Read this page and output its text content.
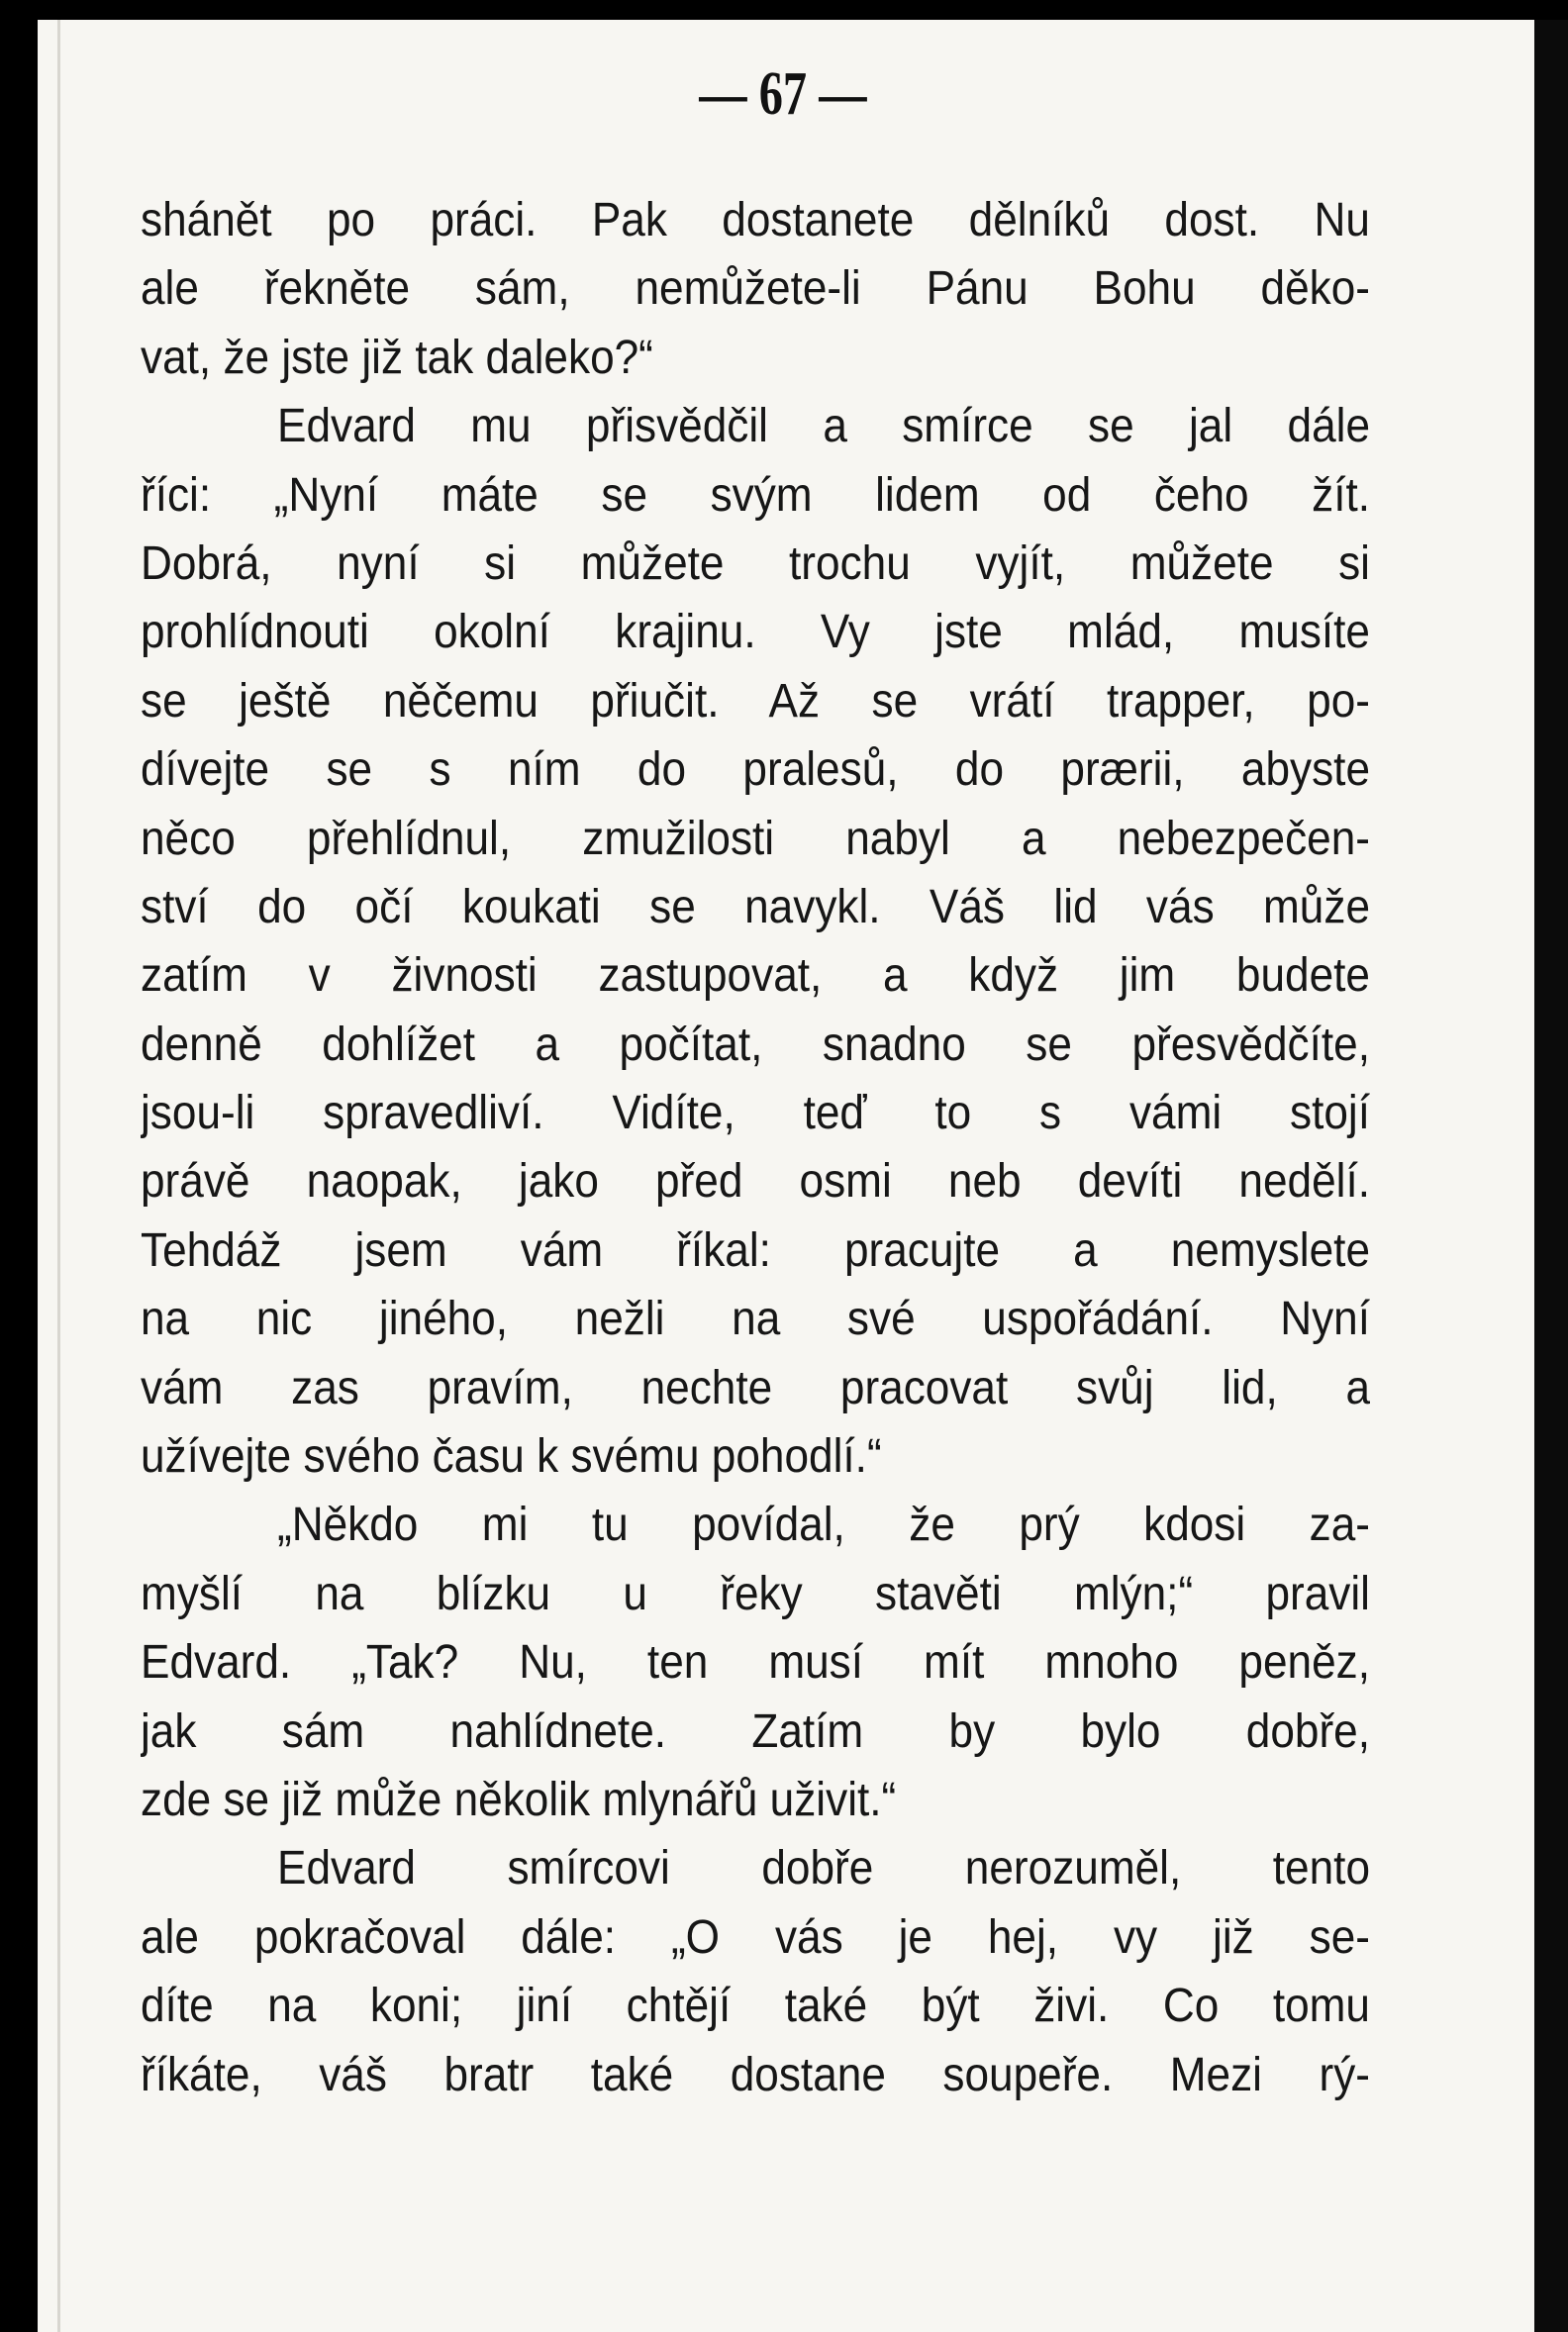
— 67 —
shánět po práci. Pak dostanete dělníků dost. Nu
ale řekněte sám, nemůžete-li Pánu Bohu děko-
vat, že jste již tak daleko?“
Edvard mu přisvědčil a smírce se jal dále
říci: „Nyní máte se svým lidem od čeho žít.
Dobrá, nyní si můžete trochu vyjít, můžete si
prohlídnouti okolní krajinu. Vy jste mlád, musíte
se ještě něčemu přiučit. Až se vrátí trapper, po-
dívejte se s ním do pralesů, do prærii, abyste
něco přehlídnul, zmužilosti nabyl a nebezpečen-
ství do očí koukati se navykl. Váš lid vás může
zatím v živnosti zastupovat, a když jim budete
denně dohlížet a počítat, snadno se přesvědčíte,
jsou-li spravedliví. Vidíte, teď to s vámi stojí
právě naopak, jako před osmi neb devíti nedělí.
Tehdáž jsem vám říkal: pracujte a nemyslete
na nic jiného, nežli na své uspořádání. Nyní
vám zas pravím, nechte pracovat svůj lid, a
užívejte svého času k svému pohodlí.“
„Někdo mi tu povídal, že prý kdosi za-
myšlí na blízku u řeky stavěti mlýn;“ pravil
Edvard. „Tak? Nu, ten musí mít mnoho peněz,
jak sám nahlídnete. Zatím by bylo dobře,
zde se již může několik mlynářů uživit.“
Edvard smírcovi dobře nerozuměl, tento
ale pokračoval dále: „O vás je hej, vy již se-
díte na koni; jiní chtějí také být živi. Co tomu
říkáte, váš bratr také dostane soupeře. Mezi rý-
